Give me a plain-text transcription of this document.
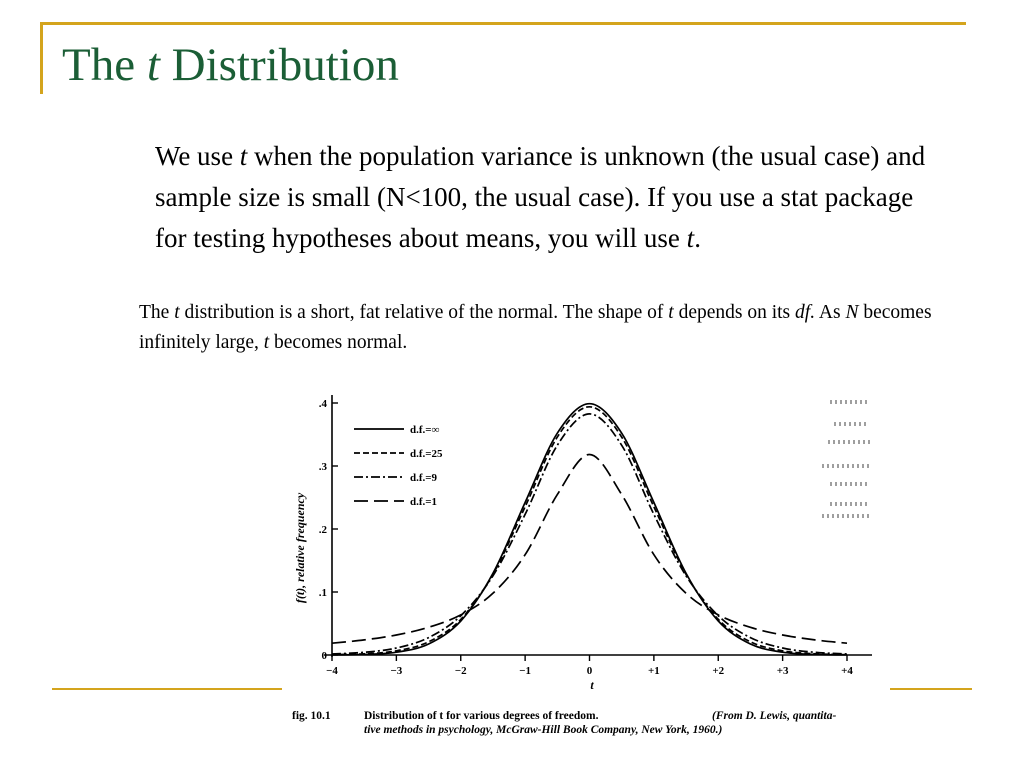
The t Distribution
We use t when the population variance is unknown (the usual case) and sample size is small (N<100, the usual case). If you use a stat package for testing hypotheses about means, you will use t.
The t distribution is a short, fat relative of the normal. The shape of t depends on its df. As N becomes infinitely large, t becomes normal.
−4	−3	−2	−1	0	+1	+2	+3	+4
0
.1
.2
.3
.4
d.f.=∞
d.f.=25
d.f.=9
d.f.=1
f(t), relative frequency
t
fig. 10.1	Distribution of t for various degrees of freedom.	(From D. Lewis, quantita-
tive methods in psychology, McGraw-Hill Book Company, New York, 1960.)
